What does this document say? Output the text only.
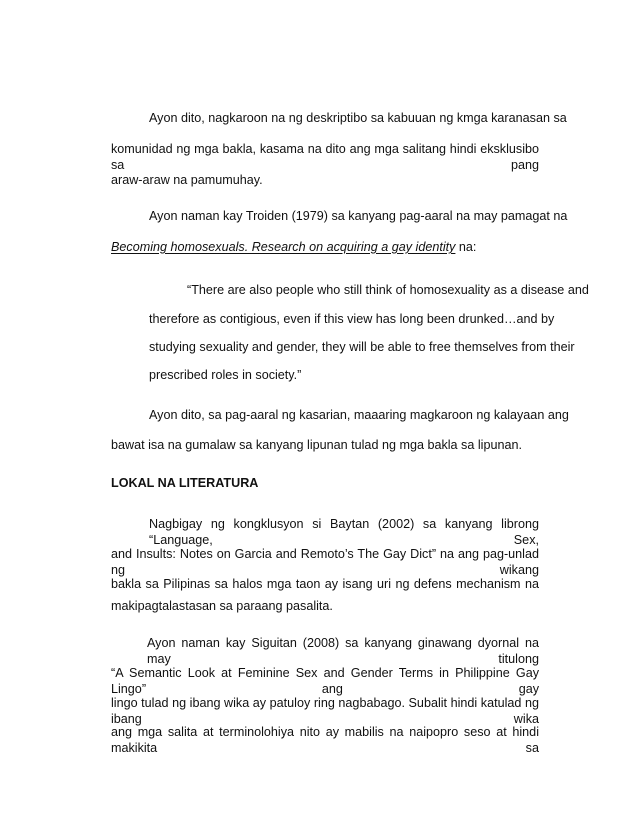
Ayon dito, nagkaroon na ng deskriptibo sa kabuuan ng kmga karanasan sa
komunidad ng mga bakla, kasama na dito ang mga salitang hindi eksklusibo sa pang
araw-araw na pamumuhay.
Ayon naman kay Troiden (1979) sa kanyang pag-aaral na may pamagat na
Becoming homosexuals. Research on acquiring a gay identity na:
“There are also people who still think of homosexuality as a disease and
therefore as contigious, even if this view has long been drunked…and by
studying sexuality and gender, they will be able to free themselves from their
prescribed roles in society.”
Ayon dito, sa pag-aaral ng kasarian, maaaring magkaroon ng kalayaan ang
bawat isa na gumalaw sa kanyang lipunan tulad ng mga bakla sa lipunan.
LOKAL NA LITERATURA
Nagbigay ng kongklusyon si Baytan (2002) sa kanyang librong “Language, Sex,
and Insults: Notes on Garcia and Remoto’s The Gay Dict” na ang pag-unlad ng wikang
bakla sa Pilipinas sa halos mga taon ay isang uri ng defens mechanism na
makipagtalastasan sa paraang pasalita.
Ayon naman kay Siguitan (2008) sa kanyang ginawang dyornal na may titulong
“A Semantic Look at Feminine Sex and Gender Terms in Philippine Gay Lingo” ang gay
lingo tulad ng ibang wika ay patuloy ring nagbabago. Subalit hindi katulad ng ibang wika
ang mga salita at terminolohiya nito ay mabilis na naipopro seso at hindi makikita sa
